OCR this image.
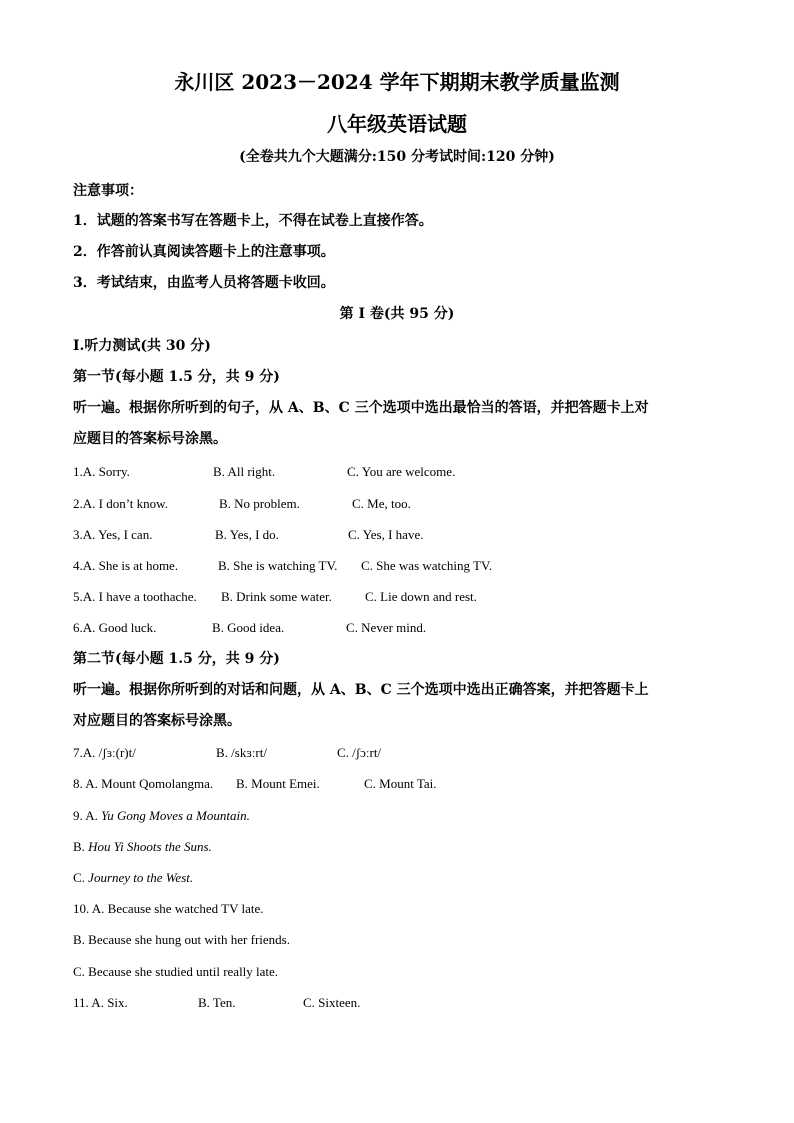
永川区 2023－2024 学年下期期末教学质量监测
八年级英语试题
(全卷共九个大题满分:150 分考试时间:120 分钟)
注意事项：
1．试题的答案书写在答题卡上，不得在试卷上直接作答。
2．作答前认真阅读答题卡上的注意事项。
3．考试结束，由监考人员将答题卡收回。
第 I 卷(共 95 分)
Ⅰ.听力测试(共 30 分)
第一节(每小题 1.5 分，共 9 分)
听一遍。根据你所听到的句子，从 A、B、C 三个选项中选出最恰当的答语，并把答题卡上对
应题目的答案标号涂黑。
1.A. Sorry.	B. All right.	C. You are welcome.
2.A. I don’t know.	B. No problem.	C. Me, too.
3.A. Yes, I can.	B. Yes, I do.	C. Yes, I have.
4.A. She is at home.	B. She is watching TV. C. She was watching TV.
5.A. I have a toothache. B. Drink some water.	C. Lie down and rest.
6.A. Good luck.	B. Good idea.	C. Never mind.
第二节(每小题 1.5 分，共 9 分)
听一遍。根据你所听到的对话和问题，从 A、B、C 三个选项中选出正确答案，并把答题卡上
对应题目的答案标号涂黑。
7.A. /ʃɜː(r)t/	B. /skɜːrt/	C. /ʃɔːrt/
8. A. Mount Qomolangma. B. Mount Emei.	C. Mount Tai.
9. A. Yu Gong Moves a Mountain.
B. Hou Yi Shoots the Suns.
C. Journey to the West.
10. A. Because she watched TV late.
B. Because she hung out with her friends.
C. Because she studied until really late.
11. A. Six.	B. Ten.	C. Sixteen.
